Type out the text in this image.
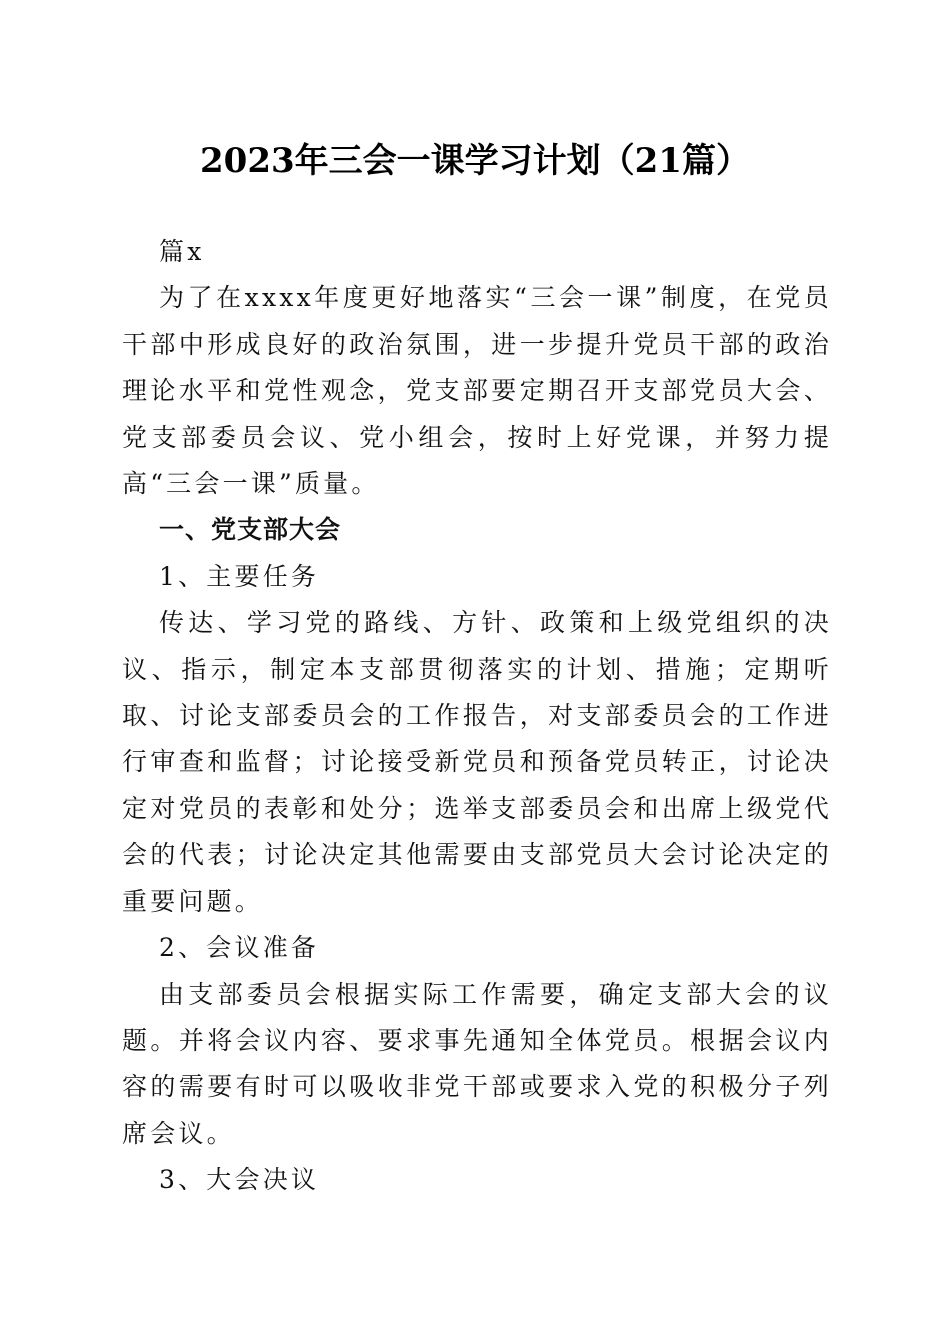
2023年三会一课学习计划（21篇）

篇x

为了在xxxx年度更好地落实“三会一课”制度，在党员干部中形成良好的政治氛围，进一步提升党员干部的政治理论水平和党性观念，党支部要定期召开支部党员大会、党支部委员会议、党小组会，按时上好党课，并努力提高“三会一课”质量。

一、党支部大会

1、主要任务

传达、学习党的路线、方针、政策和上级党组织的决议、指示，制定本支部贯彻落实的计划、措施；定期听取、讨论支部委员会的工作报告，对支部委员会的工作进行审查和监督；讨论接受新党员和预备党员转正，讨论决定对党员的表彰和处分；选举支部委员会和出席上级党代会的代表；讨论决定其他需要由支部党员大会讨论决定的重要问题。

2、会议准备

由支部委员会根据实际工作需要，确定支部大会的议题。并将会议内容、要求事先通知全体党员。根据会议内容的需要有时可以吸收非党干部或要求入党的积极分子列席会议。

3、大会决议
